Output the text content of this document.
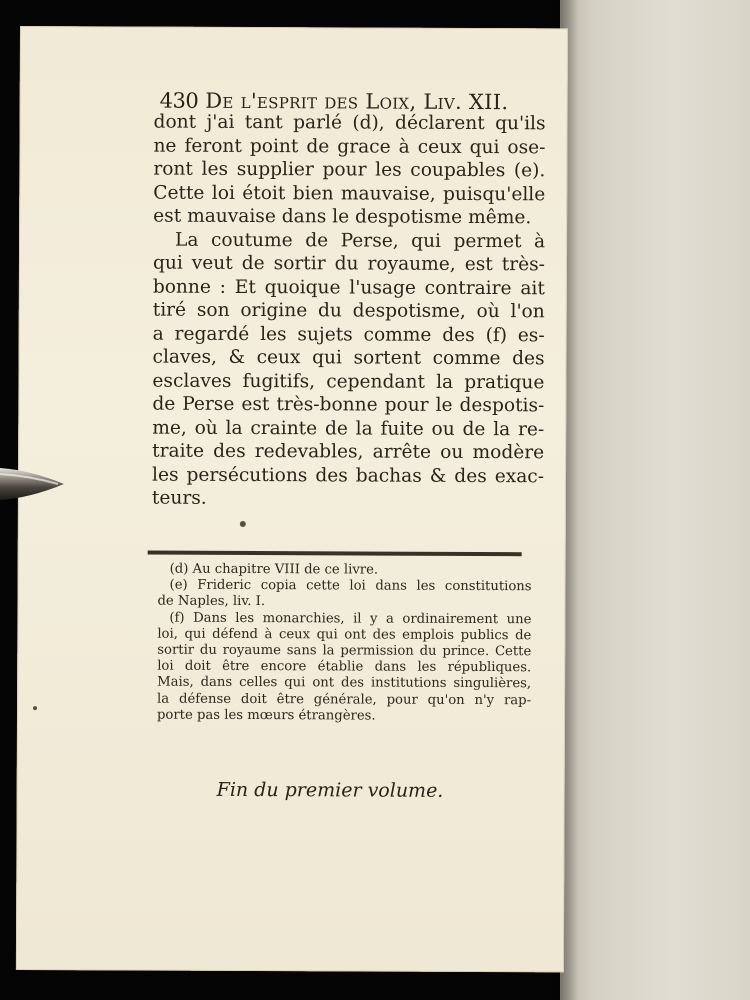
430 De l'esprit des Loix, Liv. XII.
dont j'ai tant parlé (d), déclarent qu'ils
ne feront point de grace à ceux qui ose-
ront les supplier pour les coupables (e).
Cette loi étoit bien mauvaise, puisqu'elle
est mauvaise dans le despotisme même.
La coutume de Perse, qui permet à
qui veut de sortir du royaume, est très-
bonne : Et quoique l'usage contraire ait
tiré son origine du despotisme, où l'on
a regardé les sujets comme des (f) es-
claves, & ceux qui sortent comme des
esclaves fugitifs, cependant la pratique
de Perse est très-bonne pour le despotis-
me, où la crainte de la fuite ou de la re-
traite des redevables, arrête ou modère
les persécutions des bachas & des exac-
teurs.
(d) Au chapitre VIII de ce livre.
(e) Frideric copia cette loi dans les constitutions
de Naples, liv. I.
(f) Dans les monarchies, il y a ordinairement une
loi, qui défend à ceux qui ont des emplois publics de
sortir du royaume sans la permission du prince. Cette
loi doit être encore établie dans les républiques.
Mais, dans celles qui ont des institutions singulières,
la défense doit être générale, pour qu'on n'y rap-
porte pas les mœurs étrangères.
Fin du premier volume.
